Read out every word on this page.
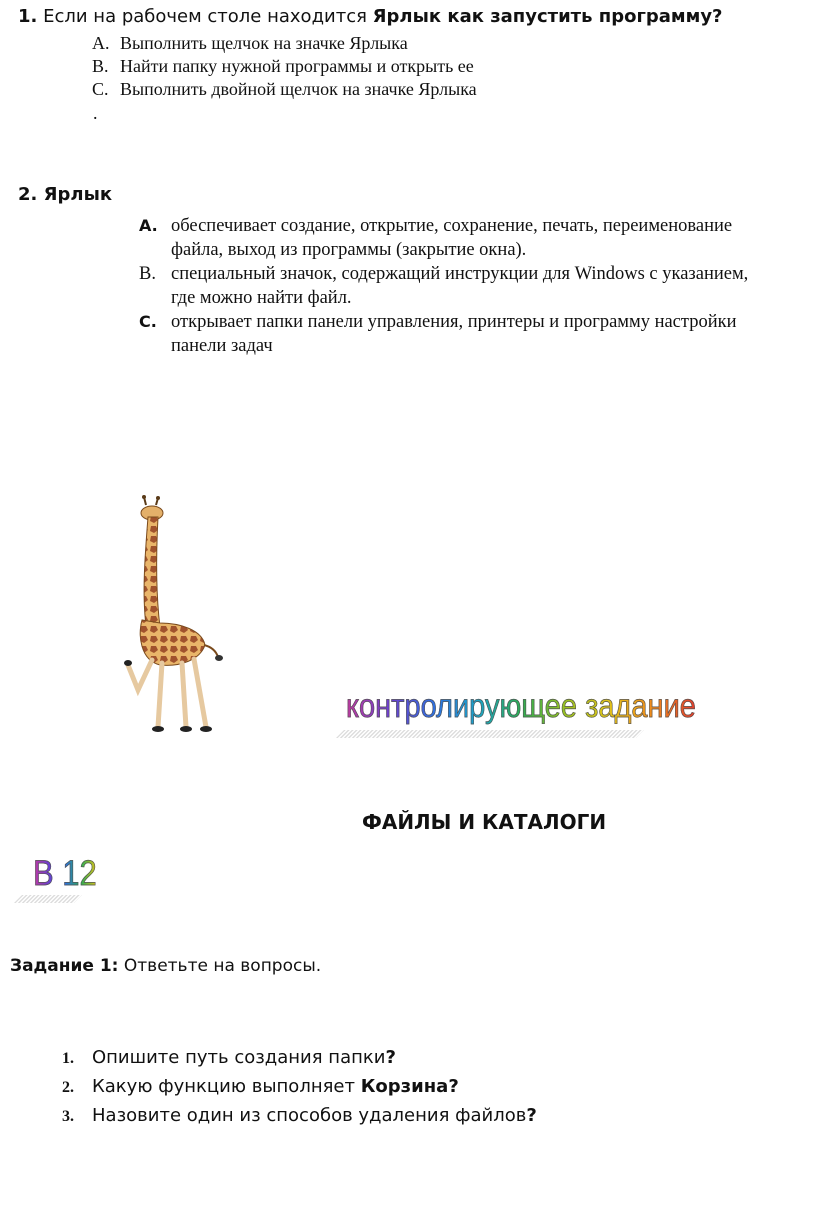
1. Если на рабочем столе находится Ярлык как запустить программу?
A. Выполнить щелчок на значке Ярлыка
B. Найти папку нужной программы и открыть ее
C. Выполнить двойной щелчок на значке Ярлыка
.
2. Ярлык
A. обеспечивает создание, открытие, сохранение, печать, переименование
файла, выход из программы (закрытие окна).
B. специальный значок, содержащий инструкции для Windows с указанием,
где можно найти файл.
C. открывает папки панели управления, принтеры и программу настройки
панели задач
контролирующее задание
ФАЙЛЫ И КАТАЛОГИ
В 12
Задание 1: Ответьте на вопросы.
1. Опишите путь создания папки?
2. Какую функцию выполняет Корзина?
3. Назовите один из способов удаления файлов?
